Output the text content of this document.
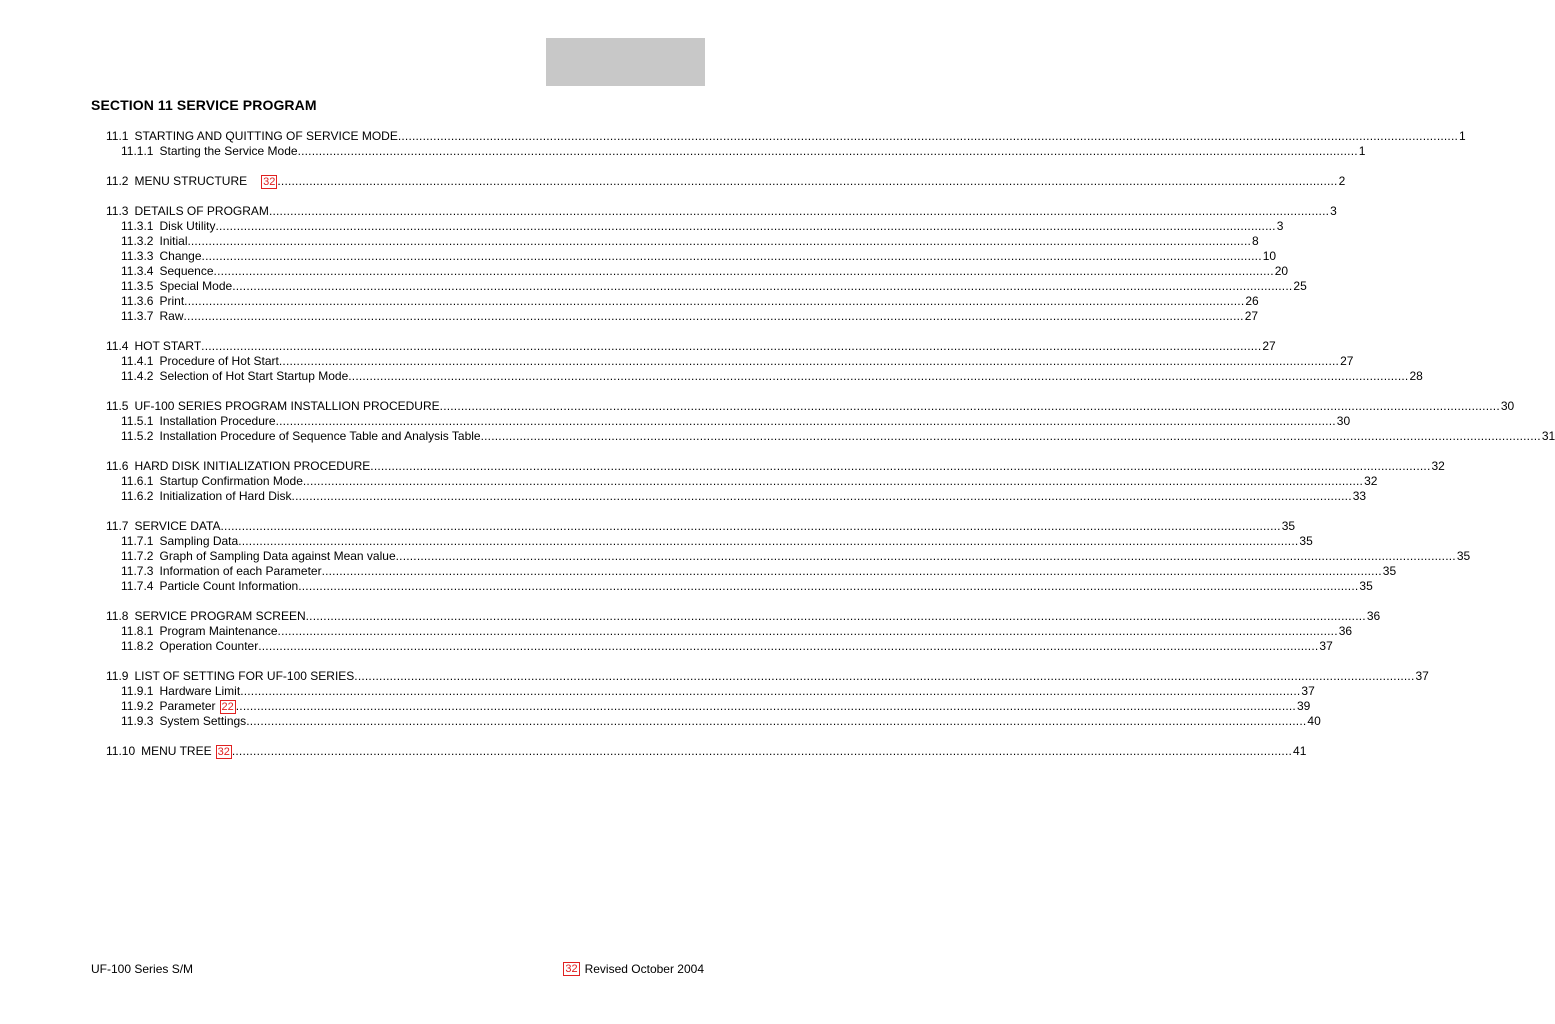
SECTION 11 SERVICE PROGRAM
11.1 STARTING AND QUITTING OF SERVICE MODE ............................................................................................................................................................................................................................................................................................................ 1
11.1.1 Starting the Service Mode ............................................................................................................................................................................................................................................................................................................ 1
11.2 MENU STRUCTURE 32 ............................................................................................................................................................................................................................................................................................................ 2
11.3 DETAILS OF PROGRAM ............................................................................................................................................................................................................................................................................................................ 3
11.3.1 Disk Utility ............................................................................................................................................................................................................................................................................................................ 3
11.3.2 Initial. ............................................................................................................................................................................................................................................................................................................ 8
11.3.3 Change ............................................................................................................................................................................................................................................................................................................ 10
11.3.4 Sequence ............................................................................................................................................................................................................................................................................................................ 20
11.3.5 Special Mode ............................................................................................................................................................................................................................................................................................................ 25
11.3.6 Print ............................................................................................................................................................................................................................................................................................................ 26
11.3.7 Raw ............................................................................................................................................................................................................................................................................................................ 27
11.4 HOT START ............................................................................................................................................................................................................................................................................................................ 27
11.4.1 Procedure of Hot Start ............................................................................................................................................................................................................................................................................................................ 27
11.4.2 Selection of Hot Start Startup Mode ............................................................................................................................................................................................................................................................................................................ 28
11.5 UF-100 SERIES PROGRAM INSTALLION PROCEDURE ............................................................................................................................................................................................................................................................................................................ 30
11.5.1 Installation Procedure ............................................................................................................................................................................................................................................................................................................ 30
11.5.2 Installation Procedure of Sequence Table and Analysis Table ............................................................................................................................................................................................................................................................................................................ 31
11.6 HARD DISK INITIALIZATION PROCEDURE ............................................................................................................................................................................................................................................................................................................ 32
11.6.1 Startup Confirmation Mode ............................................................................................................................................................................................................................................................................................................ 32
11.6.2 Initialization of Hard Disk ............................................................................................................................................................................................................................................................................................................ 33
11.7 SERVICE DATA ............................................................................................................................................................................................................................................................................................................ 35
11.7.1 Sampling Data ............................................................................................................................................................................................................................................................................................................ 35
11.7.2 Graph of Sampling Data against Mean value ............................................................................................................................................................................................................................................................................................................ 35
11.7.3 Information of each Parameter ............................................................................................................................................................................................................................................................................................................ 35
11.7.4 Particle Count Information ............................................................................................................................................................................................................................................................................................................ 35
11.8 SERVICE PROGRAM SCREEN ............................................................................................................................................................................................................................................................................................................ 36
11.8.1 Program Maintenance ............................................................................................................................................................................................................................................................................................................ 36
11.8.2 Operation Counter ............................................................................................................................................................................................................................................................................................................ 37
11.9 LIST OF SETTING FOR UF-100 SERIES ............................................................................................................................................................................................................................................................................................................ 37
11.9.1 Hardware Limit ............................................................................................................................................................................................................................................................................................................ 37
11.9.2 Parameter 22 ............................................................................................................................................................................................................................................................................................................ 39
11.9.3 System Settings ............................................................................................................................................................................................................................................................................................................ 40
11.10 MENU TREE 32 ............................................................................................................................................................................................................................................................................................................ 41
UF-100 Series S/M	32 Revised October 2004
